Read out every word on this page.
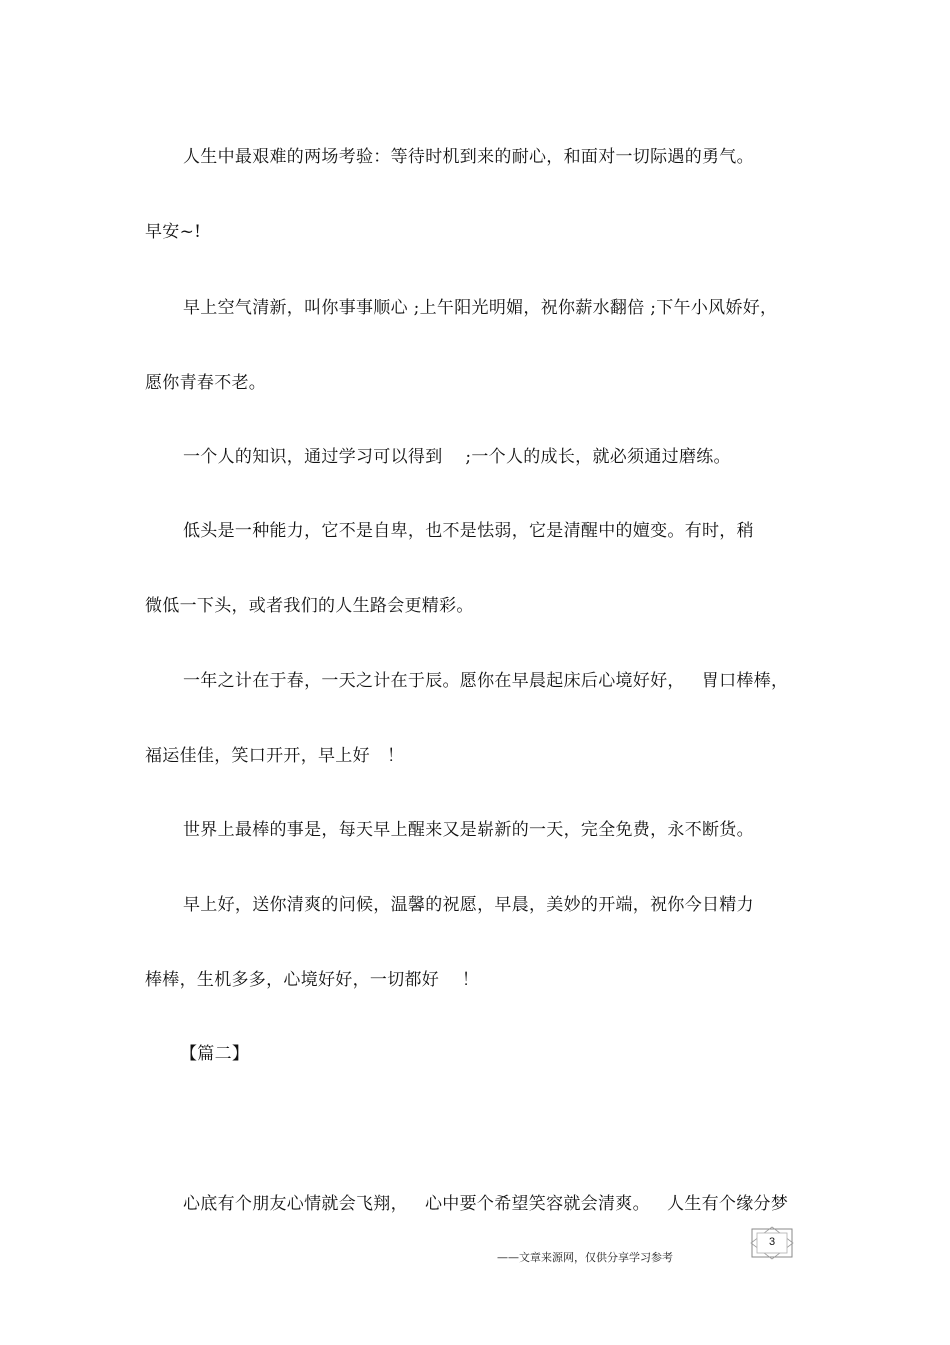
人生中最艰难的两场考验：等待时机到来的耐心，和面对一切际遇的勇气。
早安~!
早上空气清新，叫你事事顺心 ;上午阳光明媚，祝你薪水翻倍 ;下午小风娇好，
愿你青春不老。
一个人的知识，通过学习可以得到    ;一个人的成长，就必须通过磨练。
低头是一种能力，它不是自卑，也不是怯弱，它是清醒中的嬗变。有时，稍
微低一下头，或者我们的人生路会更精彩。
一年之计在于春，一天之计在于辰。愿你在早晨起床后心境好好，   胃口棒棒，
福运佳佳，笑口开开，早上好   ！
世界上最棒的事是，每天早上醒来又是崭新的一天，完全免费，永不断货。
早上好，送你清爽的问候，温馨的祝愿，早晨，美妙的开端，祝你今日精力
棒棒，生机多多，心境好好，一切都好    ！
【篇二】
心底有个朋友心情就会飞翔，   心中要个希望笑容就会清爽。   人生有个缘分梦
3
——文章来源网，仅供分享学习参考
